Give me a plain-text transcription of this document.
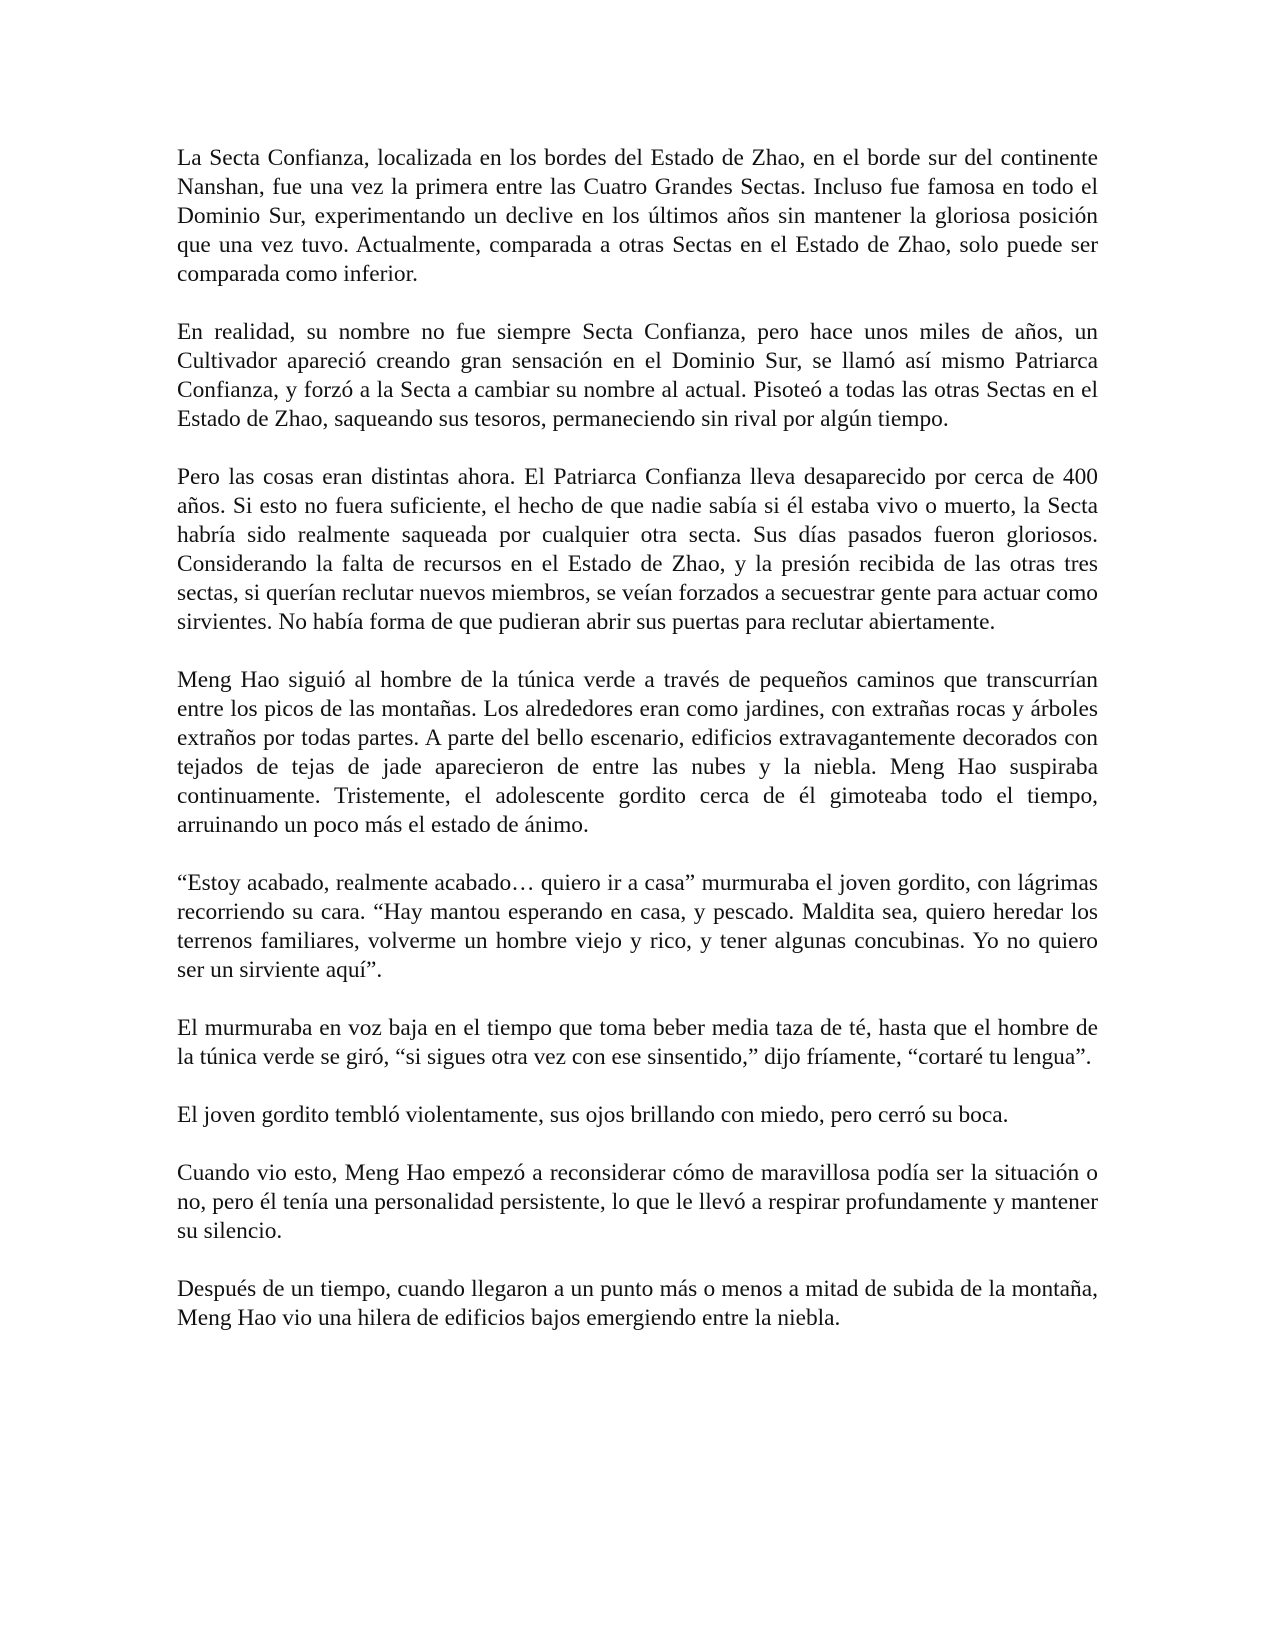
La Secta Confianza, localizada en los bordes del Estado de Zhao, en el borde sur del continente Nanshan, fue una vez la primera entre las Cuatro Grandes Sectas. Incluso fue famosa en todo el Dominio Sur, experimentando un declive en los últimos años sin mantener la gloriosa posición que una vez tuvo. Actualmente, comparada a otras Sectas en el Estado de Zhao, solo puede ser comparada como inferior.

En realidad, su nombre no fue siempre Secta Confianza, pero hace unos miles de años, un Cultivador apareció creando gran sensación en el Dominio Sur, se llamó así mismo Patriarca Confianza, y forzó a la Secta a cambiar su nombre al actual. Pisoteó a todas las otras Sectas en el Estado de Zhao, saqueando sus tesoros, permaneciendo sin rival por algún tiempo.

Pero las cosas eran distintas ahora. El Patriarca Confianza lleva desaparecido por cerca de 400 años. Si esto no fuera suficiente, el hecho de que nadie sabía si él estaba vivo o muerto, la Secta habría sido realmente saqueada por cualquier otra secta. Sus días pasados fueron gloriosos. Considerando la falta de recursos en el Estado de Zhao, y la presión recibida de las otras tres sectas, si querían reclutar nuevos miembros, se veían forzados a secuestrar gente para actuar como sirvientes. No había forma de que pudieran abrir sus puertas para reclutar abiertamente.

Meng Hao siguió al hombre de la túnica verde a través de pequeños caminos que transcurrían entre los picos de las montañas. Los alrededores eran como jardines, con extrañas rocas y árboles extraños por todas partes. A parte del bello escenario, edificios extravagantemente decorados con tejados de tejas de jade aparecieron de entre las nubes y la niebla. Meng Hao suspiraba continuamente. Tristemente, el adolescente gordito cerca de él gimoteaba todo el tiempo, arruinando un poco más el estado de ánimo.

“Estoy acabado, realmente acabado… quiero ir a casa” murmuraba el joven gordito, con lágrimas recorriendo su cara. “Hay mantou esperando en casa, y pescado. Maldita sea, quiero heredar los terrenos familiares, volverme un hombre viejo y rico, y tener algunas concubinas. Yo no quiero ser un sirviente aquí”.

El murmuraba en voz baja en el tiempo que toma beber media taza de té, hasta que el hombre de la túnica verde se giró, “si sigues otra vez con ese sinsentido,” dijo fríamente, “cortaré tu lengua”.

El joven gordito tembló violentamente, sus ojos brillando con miedo, pero cerró su boca.

Cuando vio esto, Meng Hao empezó a reconsiderar cómo de maravillosa podía ser la situación o no, pero él tenía una personalidad persistente, lo que le llevó a respirar profundamente y mantener su silencio.

Después de un tiempo, cuando llegaron a un punto más o menos a mitad de subida de la montaña, Meng Hao vio una hilera de edificios bajos emergiendo entre la niebla.
